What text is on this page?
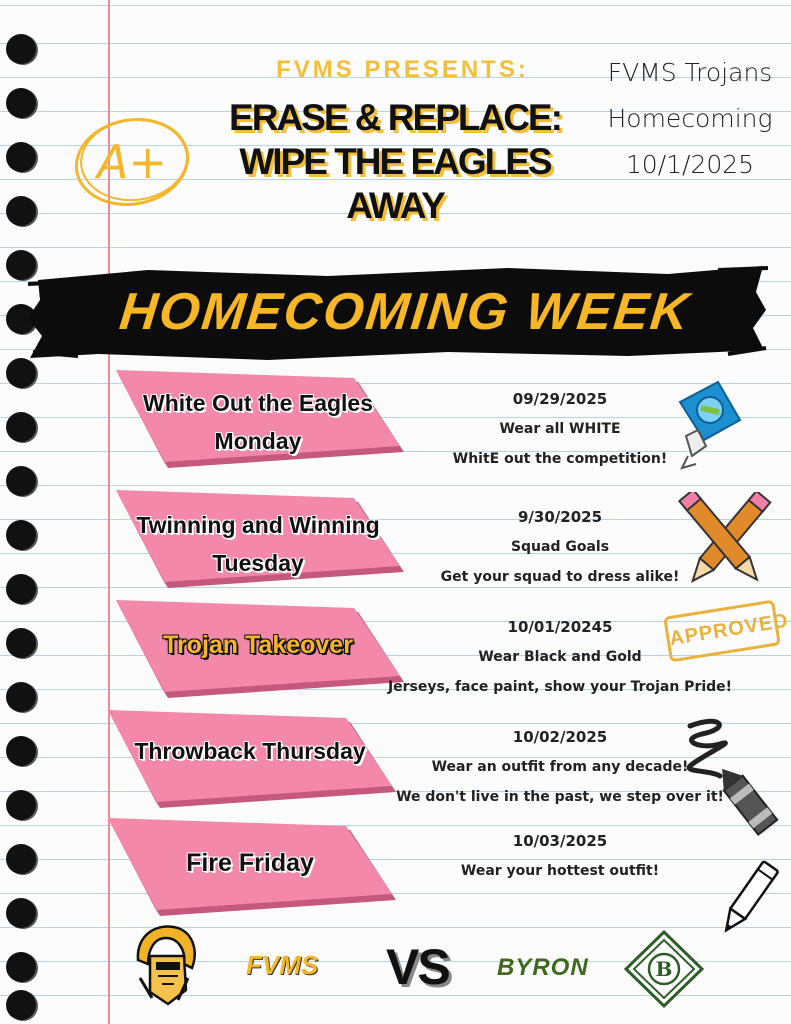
A+
FVMS PRESENTS:
ERASE & REPLACE:
WIPE THE EAGLES
AWAY
FVMS Trojans
Homecoming
10/1/2025
HOMECOMING WEEK
White Out the Eagles
Monday
Twinning and Winning
Tuesday
Trojan Takeover
Throwback Thursday
Fire Friday
09/29/2025
Wear all WHITE
WhitE out the competition!
9/30/2025
Squad Goals
Get your squad to dress alike!
10/01/20245
Wear Black and Gold
Jerseys, face paint, show your Trojan Pride!
10/02/2025
Wear an outfit from any decade!
We don't live in the past, we step over it!
10/03/2025
Wear your hottest outfit!
APPROVED
FVMS VS BYRON	B
